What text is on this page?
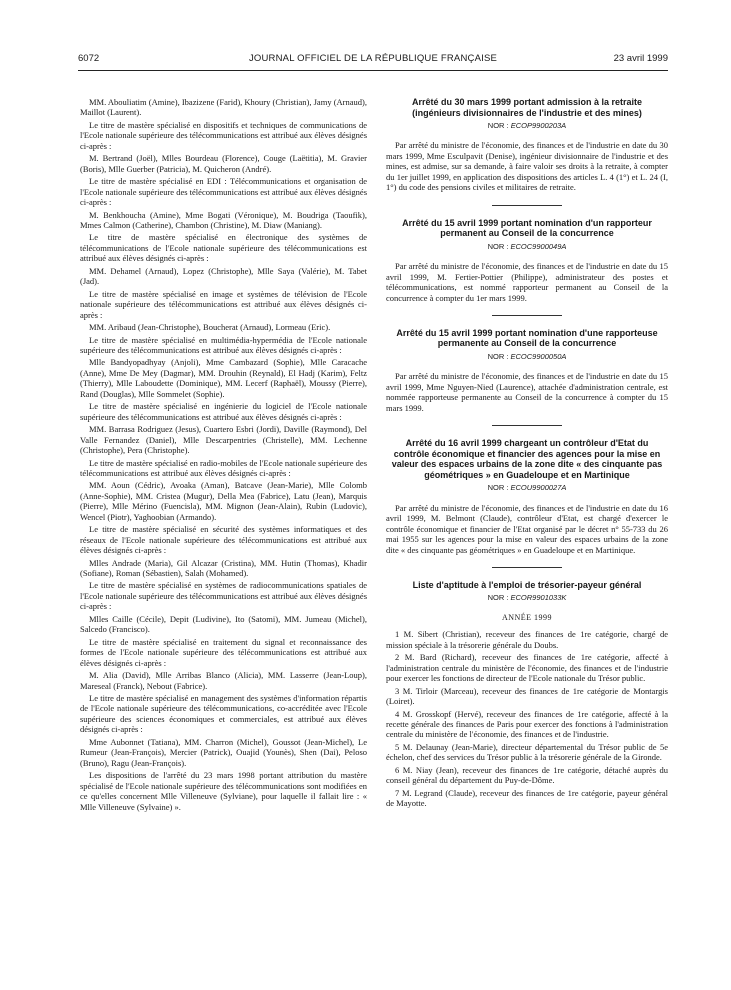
6072	JOURNAL OFFICIEL DE LA RÉPUBLIQUE FRANÇAISE	23 avril 1999

MM. Abouliatim (Amine), Ibazizene (Farid), Khoury (Christian), Jamy (Arnaud), Maillot (Laurent).

Le titre de mastère spécialisé en dispositifs et techniques de communications de l'Ecole nationale supérieure des télécommunications est attribué aux élèves désignés ci-après :

M. Bertrand (Joël), Mlles Bourdeau (Florence), Couge (Laëtitia), M. Gravier (Boris), Mlle Guerber (Patricia), M. Quicheron (André).

Le titre de mastère spécialisé en EDI : Télécommunications et organisation de l'Ecole nationale supérieure des télécommunications est attribué aux élèves désignés ci-après :

M. Benkhoucha (Amine), Mme Bogati (Véronique), M. Boudriga (Taoufik), Mmes Calmon (Catherine), Chambon (Christine), M. Diaw (Maniang).

Le titre de mastère spécialisé en électronique des systèmes de télécommunications de l'Ecole nationale supérieure des télécommunications est attribué aux élèves désignés ci-après :

MM. Dehamel (Arnaud), Lopez (Christophe), Mlle Saya (Valérie), M. Tabet (Jad).

Le titre de mastère spécialisé en image et systèmes de télévision de l'Ecole nationale supérieure des télécommunications est attribué aux élèves désignés ci-après :

MM. Aribaud (Jean-Christophe), Boucherat (Arnaud), Lormeau (Eric).

Le titre de mastère spécialisé en multimédia-hypermédia de l'Ecole nationale supérieure des télécommunications est attribué aux élèves désignés ci-après :

Mlle Bandyopadhyay (Anjoli), Mme Cambazard (Sophie), Mlle Caracache (Anne), Mme De Mey (Dagmar), MM. Drouhin (Reynald), El Hadj (Karim), Feltz (Thierry), Mlle Laboudette (Dominique), MM. Lecerf (Raphaël), Moussy (Pierre), Rand (Douglas), Mlle Sommelet (Sophie).

Le titre de mastère spécialisé en ingénierie du logiciel de l'Ecole nationale supérieure des télécommunications est attribué aux élèves désignés ci-après :

MM. Barrasa Rodriguez (Jesus), Cuartero Esbri (Jordi), Daville (Raymond), Del Valle Fernandez (Daniel), Mlle Descarpentries (Christelle), MM. Lechenne (Christophe), Pera (Christophe).

Le titre de mastère spécialisé en radio-mobiles de l'Ecole nationale supérieure des télécommunications est attribué aux élèves désignés ci-après :

MM. Aoun (Cédric), Avoaka (Aman), Batcave (Jean-Marie), Mlle Colomb (Anne-Sophie), MM. Cristea (Mugur), Della Mea (Fabrice), Latu (Jean), Marquis (Pierre), Mlle Mérino (Fuencisla), MM. Mignon (Jean-Alain), Rubin (Ludovic), Wencel (Piotr), Yaghoobian (Armando).

Le titre de mastère spécialisé en sécurité des systèmes informatiques et des réseaux de l'Ecole nationale supérieure des télécommunications est attribué aux élèves désignés ci-après :

Mlles Andrade (Maria), Gil Alcazar (Cristina), MM. Hutin (Thomas), Khadir (Sofiane), Roman (Sébastien), Salah (Mohamed).

Le titre de mastère spécialisé en systèmes de radiocommunications spatiales de l'Ecole nationale supérieure des télécommunications est attribué aux élèves désignés ci-après :

Mlles Caille (Cécile), Depit (Ludivine), Ito (Satomi), MM. Jumeau (Michel), Salcedo (Francisco).

Le titre de mastère spécialisé en traitement du signal et reconnaissance des formes de l'Ecole nationale supérieure des télécommunications est attribué aux élèves désignés ci-après :

M. Alia (David), Mlle Arribas Blanco (Alicia), MM. Lasserre (Jean-Loup), Mareseal (Franck), Nebout (Fabrice).

Le titre de mastère spécialisé en management des systèmes d'information répartis de l'Ecole nationale supérieure des télécommunications, co-accréditée avec l'Ecole supérieure des sciences économiques et commerciales, est attribué aux élèves désignés ci-après :

Mme Aubonnet (Tatiana), MM. Charron (Michel), Goussot (Jean-Michel), Le Rumeur (Jean-François), Mercier (Patrick), Ouajid (Younès), Shen (Dai), Peloso (Bruno), Ragu (Jean-François).

Les dispositions de l'arrêté du 23 mars 1998 portant attribution du mastère spécialisé de l'Ecole nationale supérieure des télécommunications sont modifiées en ce qu'elles concernent Mlle Villeneuve (Sylviane), pour laquelle il fallait lire : « Mlle Villeneuve (Sylvaine) ».

Arrêté du 30 mars 1999 portant admission à la retraite (ingénieurs divisionnaires de l'industrie et des mines)
NOR : ECOP9900203A

Par arrêté du ministre de l'économie, des finances et de l'industrie en date du 30 mars 1999, Mme Esculpavit (Denise), ingénieur divisionnaire de l'industrie et des mines, est admise, sur sa demande, à faire valoir ses droits à la retraite, à compter du 1er juillet 1999, en application des dispositions des articles L. 4 (1°) et L. 24 (I, 1°) du code des pensions civiles et militaires de retraite.

Arrêté du 15 avril 1999 portant nomination d'un rapporteur permanent au Conseil de la concurrence
NOR : ECOC9900049A

Par arrêté du ministre de l'économie, des finances et de l'industrie en date du 15 avril 1999, M. Fertier-Pottier (Philippe), administrateur des postes et télécommunications, est nommé rapporteur permanent au Conseil de la concurrence à compter du 1er mars 1999.

Arrêté du 15 avril 1999 portant nomination d'une rapporteuse permanente au Conseil de la concurrence
NOR : ECOC9900050A

Par arrêté du ministre de l'économie, des finances et de l'industrie en date du 15 avril 1999, Mme Nguyen-Nied (Laurence), attachée d'administration centrale, est nommée rapporteuse permanente au Conseil de la concurrence à compter du 15 mars 1999.

Arrêté du 16 avril 1999 chargeant un contrôleur d'Etat du contrôle économique et financier des agences pour la mise en valeur des espaces urbains de la zone dite « des cinquante pas géométriques » en Guadeloupe et en Martinique
NOR : ECOU9900027A

Par arrêté du ministre de l'économie, des finances et de l'industrie en date du 16 avril 1999, M. Belmont (Claude), contrôleur d'Etat, est chargé d'exercer le contrôle économique et financier de l'Etat organisé par le décret n° 55-733 du 26 mai 1955 sur les agences pour la mise en valeur des espaces urbains de la zone dite « des cinquante pas géométriques » en Guadeloupe et en Martinique.

Liste d'aptitude à l'emploi de trésorier-payeur général
NOR : ECOR9901033K
ANNÉE 1999

1 M. Sibert (Christian), receveur des finances de 1re catégorie, chargé de mission spéciale à la trésorerie générale du Doubs.

2 M. Bard (Richard), receveur des finances de 1re catégorie, affecté à l'administration centrale du ministère de l'économie, des finances et de l'industrie pour exercer les fonctions de directeur de l'Ecole nationale du Trésor public.

3 M. Tirloir (Marceau), receveur des finances de 1re catégorie de Montargis (Loiret).

4 M. Grosskopf (Hervé), receveur des finances de 1re catégorie, affecté à la recette générale des finances de Paris pour exercer des fonctions à l'administration centrale du ministère de l'économie, des finances et de l'industrie.

5 M. Delaunay (Jean-Marie), directeur départemental du Trésor public de 5e échelon, chef des services du Trésor public à la trésorerie générale de la Gironde.

6 M. Niay (Jean), receveur des finances de 1re catégorie, détaché auprès du conseil général du département du Puy-de-Dôme.

7 M. Legrand (Claude), receveur des finances de 1re catégorie, payeur général de Mayotte.
